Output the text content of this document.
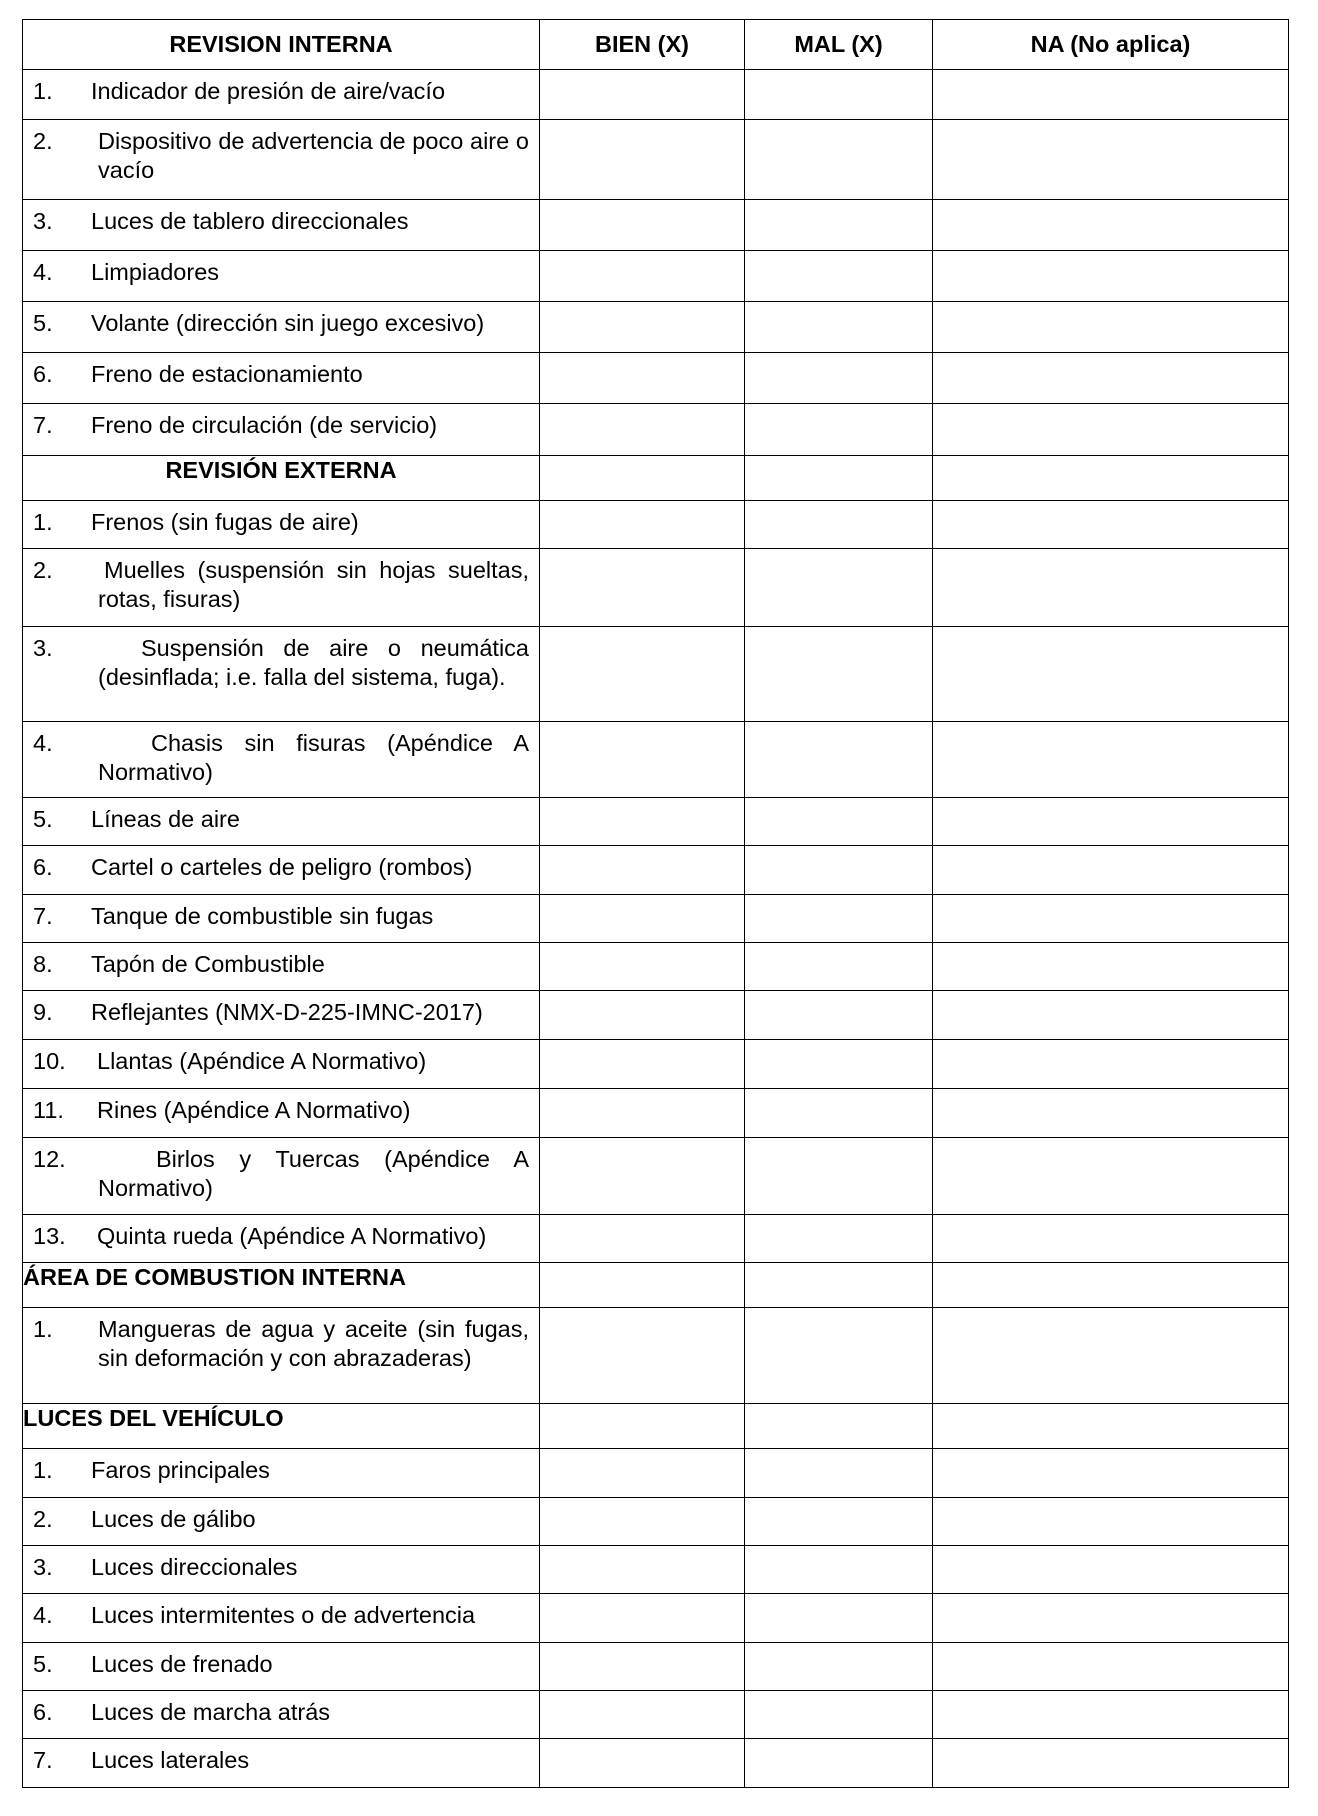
REVISION INTERNA	BIEN (X)	MAL (X)	NA (No aplica)

1. Indicador de presión de aire/vacío			

2. Dispositivo de advertencia de poco aire o vacío			

3. Luces de tablero direccionales			

4. Limpiadores			

5. Volante (dirección sin juego excesivo)			

6. Freno de estacionamiento			

7. Freno de circulación (de servicio)			

REVISIÓN EXTERNA			

1. Frenos (sin fugas de aire)			

2. Muelles (suspensión sin hojas sueltas, rotas, fisuras)			

3. Suspensión de aire o neumática (desinflada; i.e. falla del sistema, fuga).			

4. Chasis sin fisuras (Apéndice A Normativo)			

5. Líneas de aire			

6. Cartel o carteles de peligro (rombos)			

7. Tanque de combustible sin fugas			

8. Tapón de Combustible			

9. Reflejantes (NMX-D-225-IMNC-2017)			

10. Llantas (Apéndice A Normativo)			

11. Rines (Apéndice A Normativo)			

12. Birlos y Tuercas (Apéndice A Normativo)			

13. Quinta rueda (Apéndice A Normativo)			

ÁREA DE COMBUSTION INTERNA			

1. Mangueras de agua y aceite (sin fugas, sin deformación y con abrazaderas)			

LUCES DEL VEHÍCULO			

1. Faros principales			

2. Luces de gálibo			

3. Luces direccionales			

4. Luces intermitentes o de advertencia			

5. Luces de frenado			

6. Luces de marcha atrás			

7. Luces laterales			
